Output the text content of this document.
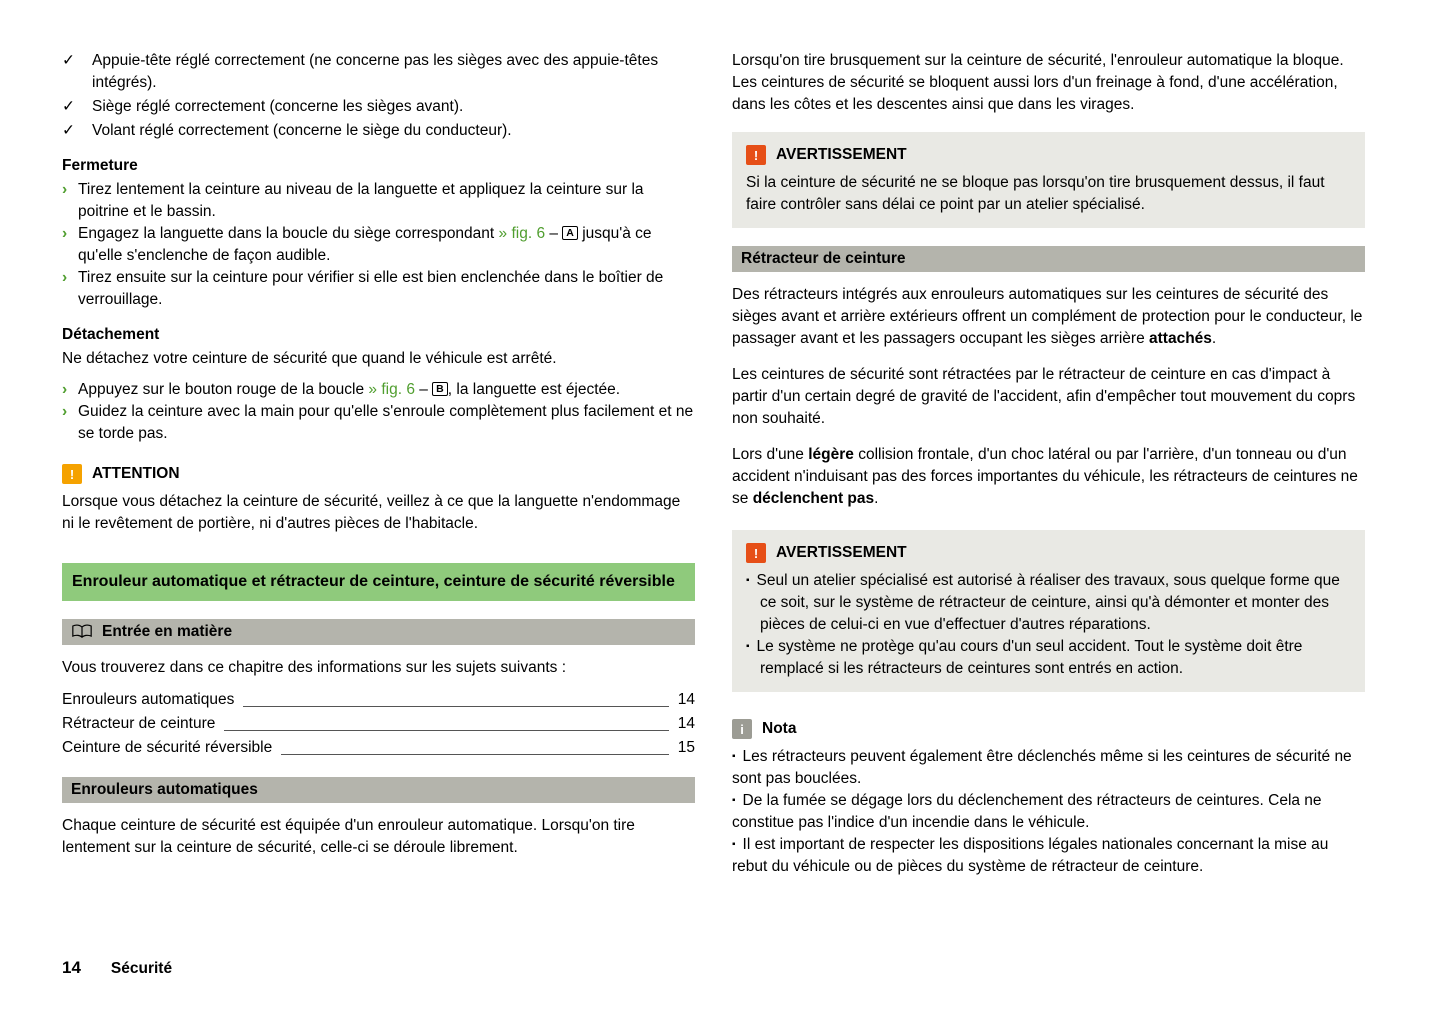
✓	Appuie-tête réglé correctement (ne concerne pas les sièges avec des appuie-têtes intégrés).
✓	Siège réglé correctement (concerne les sièges avant).
✓	Volant réglé correctement (concerne le siège du conducteur).
Fermeture
› Tirez lentement la ceinture au niveau de la languette et appliquez la ceinture sur la poitrine et le bassin.
› Engagez la languette dans la boucle du siège correspondant » fig. 6 – A jusqu'à ce qu'elle s'enclenche de façon audible.
› Tirez ensuite sur la ceinture pour vérifier si elle est bien enclenchée dans le boîtier de verrouillage.
Détachement

Ne détachez votre ceinture de sécurité que quand le véhicule est arrêté.

› Appuyez sur le bouton rouge de la boucle » fig. 6 – B , la languette est éjectée.
› Guidez la ceinture avec la main pour qu'elle s'enroule complètement plus facilement et ne se torde pas.
!	ATTENTION

Lorsque vous détachez la ceinture de sécurité, veillez à ce que la languette n'endommage ni le revêtement de portière, ni d'autres pièces de l'habitacle.

Enrouleur automatique et rétracteur de ceinture, ceinture de sécurité réversible
Entrée en matière

Vous trouverez dans ce chapitre des informations sur les sujets suivants :

Enrouleurs automatiques	14
Rétracteur de ceinture	14
Ceinture de sécurité réversible	15
Enrouleurs automatiques

Chaque ceinture de sécurité est équipée d'un enrouleur automatique. Lorsqu'on tire lentement sur la ceinture de sécurité, celle-ci se déroule librement.

Lorsqu'on tire brusquement sur la ceinture de sécurité, l'enrouleur automatique la bloque. Les ceintures de sécurité se bloquent aussi lors d'un freinage à fond, d'une accélération, dans les côtes et les descentes ainsi que dans les virages.

!	AVERTISSEMENT

Si la ceinture de sécurité ne se bloque pas lorsqu'on tire brusquement dessus, il faut faire contrôler sans délai ce point par un atelier spécialisé.

Rétracteur de ceinture

Des rétracteurs intégrés aux enrouleurs automatiques sur les ceintures de sécurité des sièges avant et arrière extérieurs offrent un complément de protection pour le conducteur, le passager avant et les passagers occupant les sièges arrière attachés.

Les ceintures de sécurité sont rétractées par le rétracteur de ceinture en cas d'impact à partir d'un certain degré de gravité de l'accident, afin d'empêcher tout mouvement du coprs non souhaité.

Lors d'une légère collision frontale, d'un choc latéral ou par l'arrière, d'un tonneau ou d'un accident n'induisant pas des forces importantes du véhicule, les rétracteurs de ceintures ne se déclenchent pas.

!	AVERTISSEMENT

▪ Seul un atelier spécialisé est autorisé à réaliser des travaux, sous quelque forme que ce soit, sur le système de rétracteur de ceinture, ainsi qu'à démonter et monter des pièces de celui-ci en vue d'effectuer d'autres réparations.

▪ Le système ne protège qu'au cours d'un seul accident. Tout le système doit être remplacé si les rétracteurs de ceintures sont entrés en action.

i	Nota

▪ Les rétracteurs peuvent également être déclenchés même si les ceintures de sécurité ne sont pas bouclées.

▪ De la fumée se dégage lors du déclenchement des rétracteurs de ceintures. Cela ne constitue pas l'indice d'un incendie dans le véhicule.

▪ Il est important de respecter les dispositions légales nationales concernant la mise au rebut du véhicule ou de pièces du système de rétracteur de ceinture.

14 Sécurité
